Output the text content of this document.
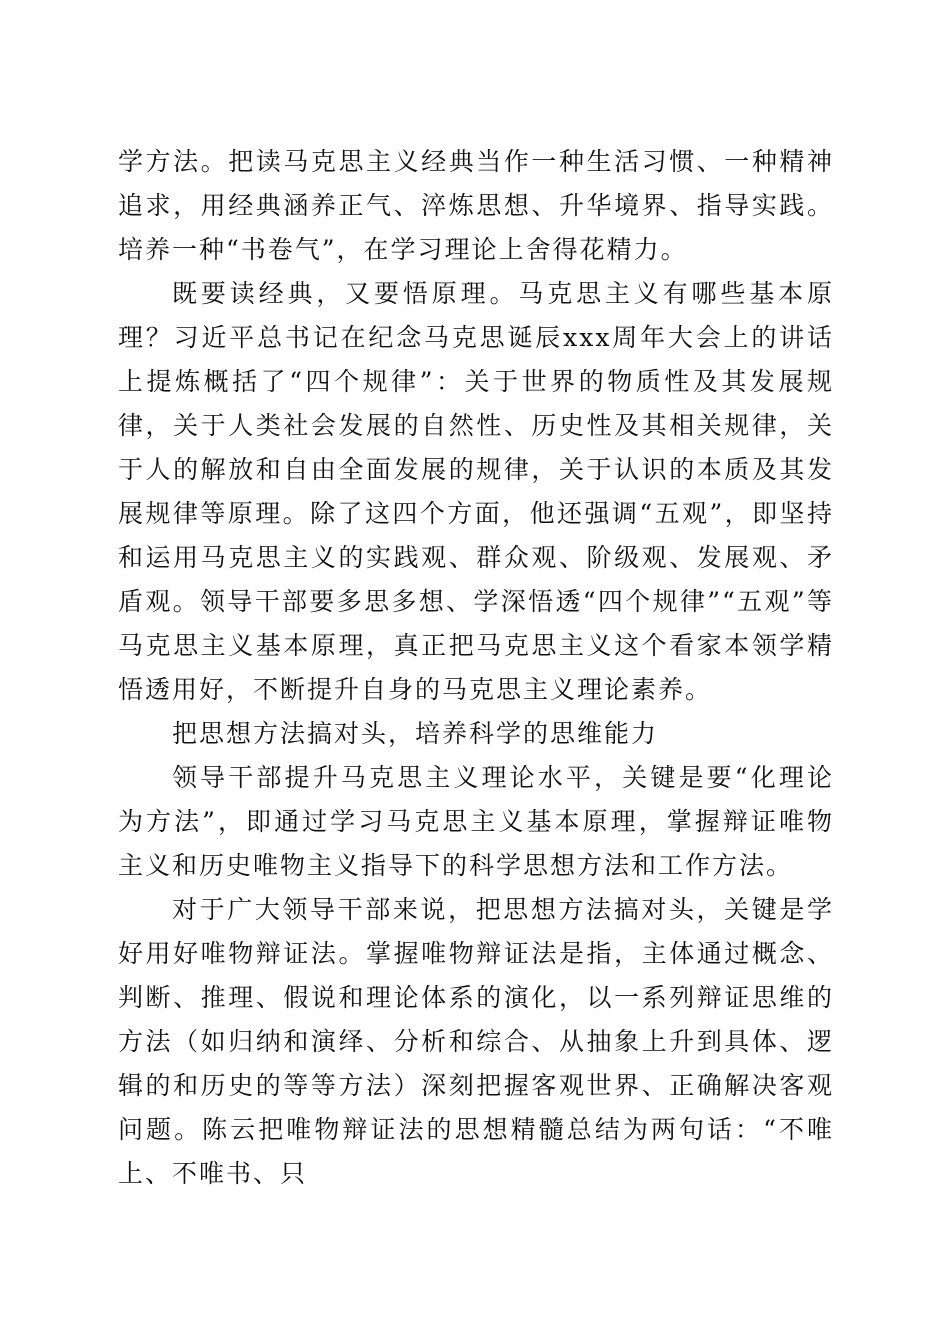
学方法。把读马克思主义经典当作一种生活习惯、一种精神追求，用经典涵养正气、淬炼思想、升华境界、指导实践。培养一种“书卷气”，在学习理论上舍得花精力。

既要读经典，又要悟原理。马克思主义有哪些基本原理？习近平总书记在纪念马克思诞辰xxx周年大会上的讲话上提炼概括了“四个规律”：关于世界的物质性及其发展规律，关于人类社会发展的自然性、历史性及其相关规律，关于人的解放和自由全面发展的规律，关于认识的本质及其发展规律等原理。除了这四个方面，他还强调“五观”，即坚持和运用马克思主义的实践观、群众观、阶级观、发展观、矛盾观。领导干部要多思多想、学深悟透“四个规律”“五观”等马克思主义基本原理，真正把马克思主义这个看家本领学精悟透用好，不断提升自身的马克思主义理论素养。

把思想方法搞对头，培养科学的思维能力

领导干部提升马克思主义理论水平，关键是要“化理论为方法”，即通过学习马克思主义基本原理，掌握辩证唯物主义和历史唯物主义指导下的科学思想方法和工作方法。

对于广大领导干部来说，把思想方法搞对头，关键是学好用好唯物辩证法。掌握唯物辩证法是指，主体通过概念、判断、推理、假说和理论体系的演化，以一系列辩证思维的方法（如归纳和演绎、分析和综合、从抽象上升到具体、逻辑的和历史的等等方法）深刻把握客观世界、正确解决客观问题。陈云把唯物辩证法的思想精髓总结为两句话：“不唯上、不唯书、只
